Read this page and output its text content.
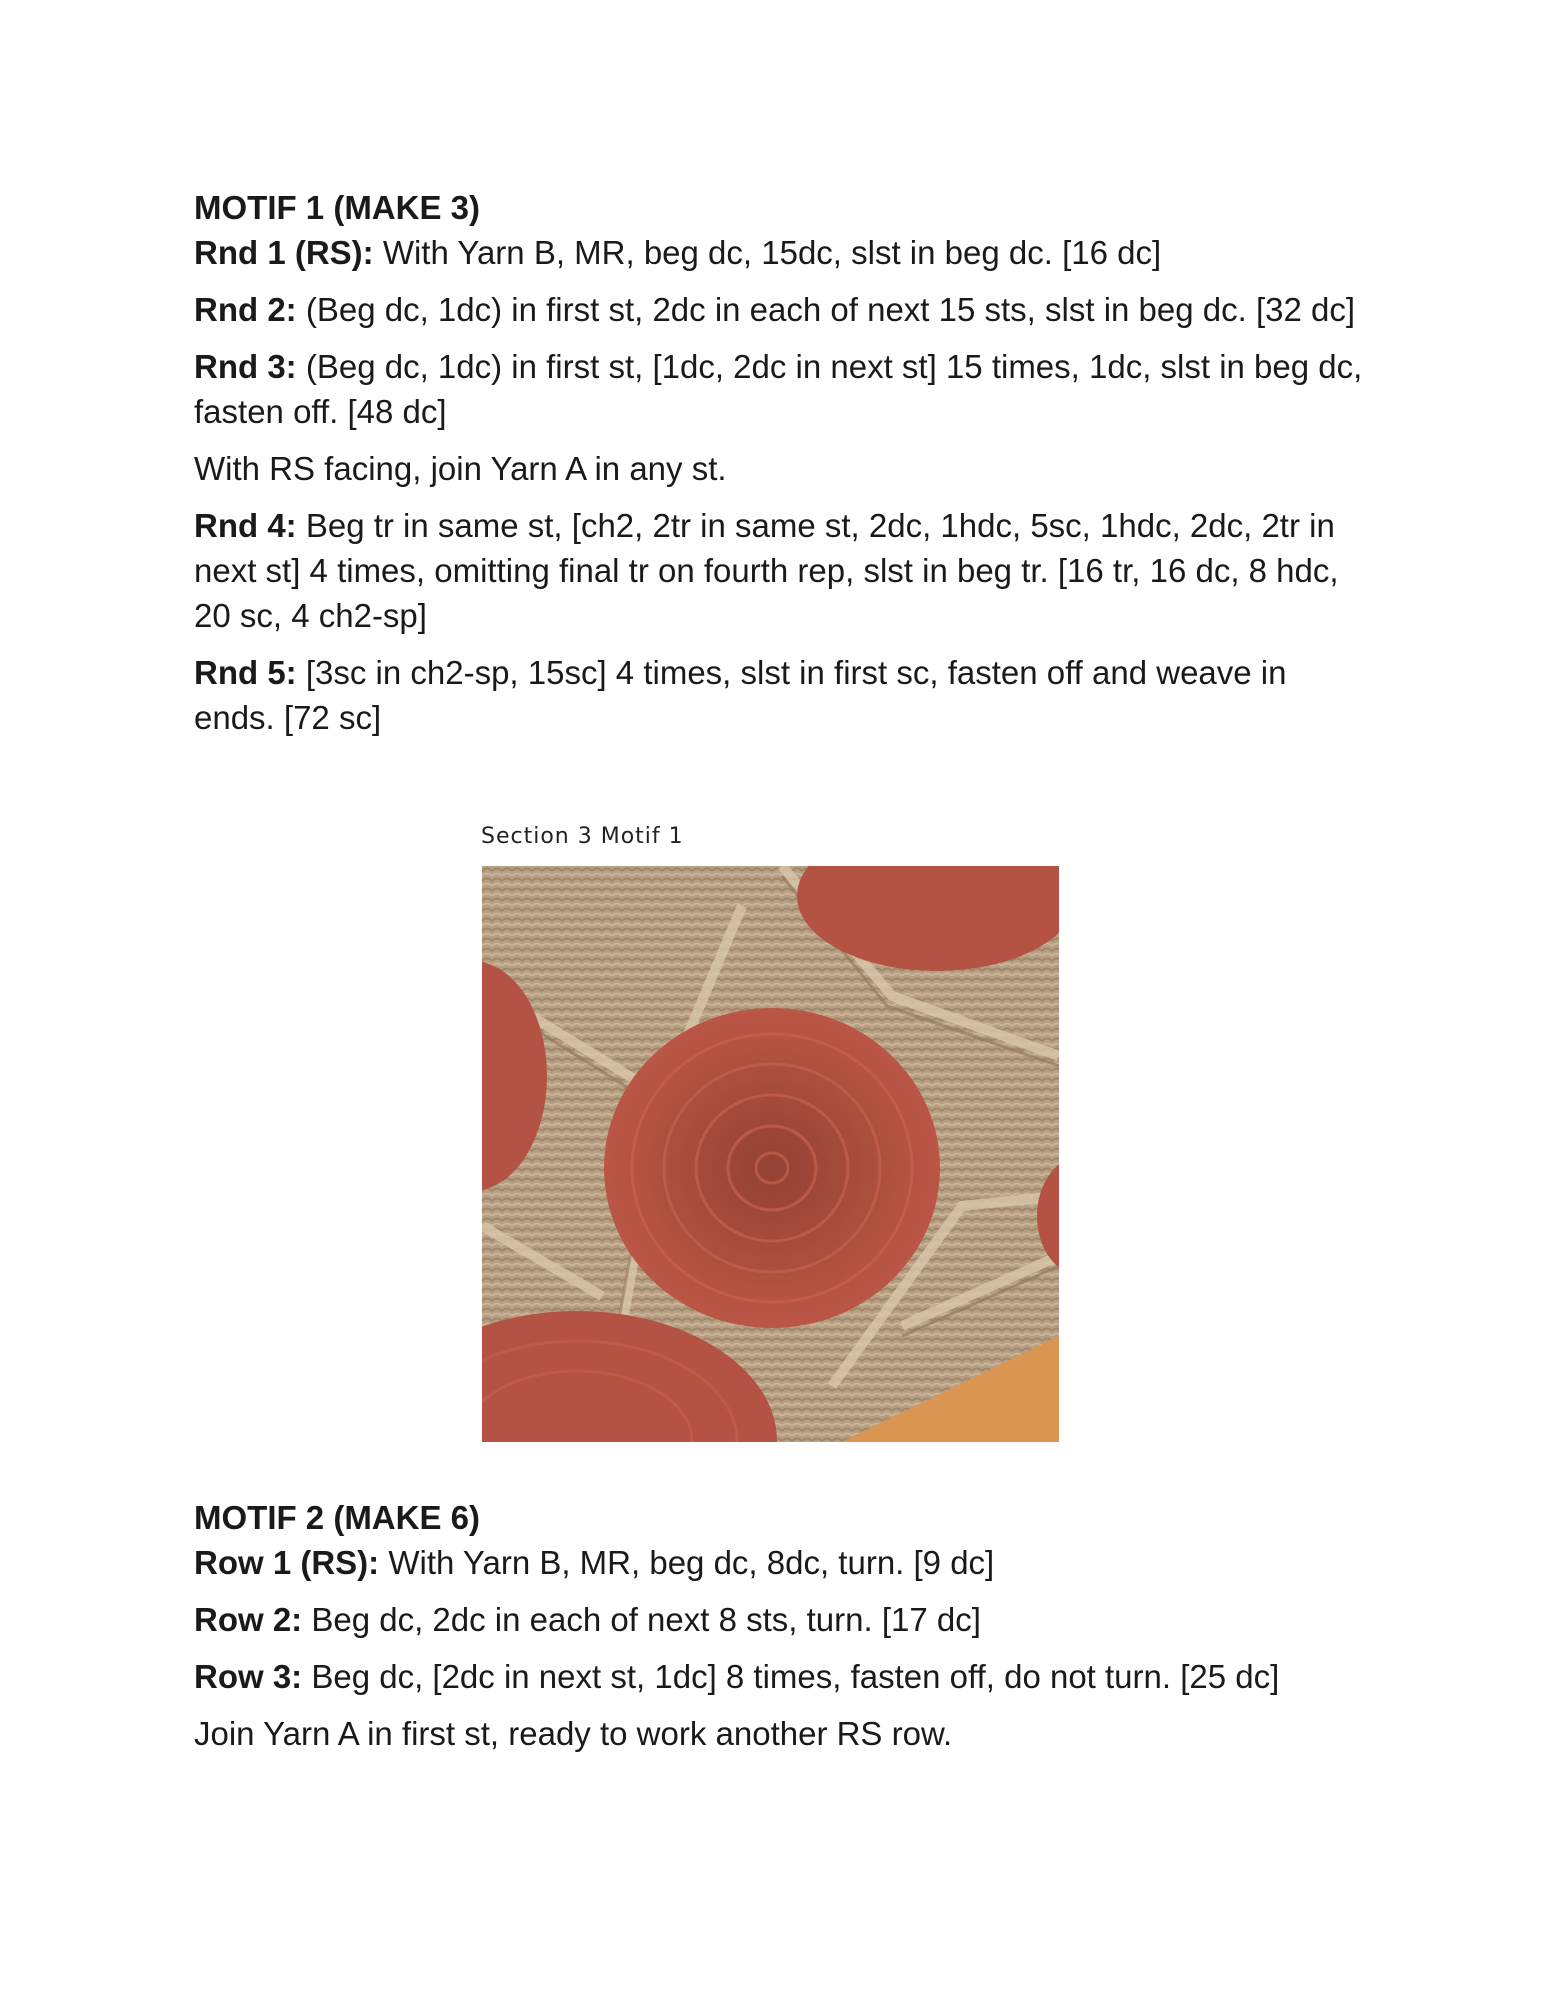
MOTIF 1 (MAKE 3)

Rnd 1 (RS): With Yarn B, MR, beg dc, 15dc, slst in beg dc. [16 dc]

Rnd 2: (Beg dc, 1dc) in first st, 2dc in each of next 15 sts, slst in beg dc. [32 dc]

Rnd 3: (Beg dc, 1dc) in first st, [1dc, 2dc in next st] 15 times, 1dc, slst in beg dc, fasten off. [48 dc]

With RS facing, join Yarn A in any st.

Rnd 4: Beg tr in same st, [ch2, 2tr in same st, 2dc, 1hdc, 5sc, 1hdc, 2dc, 2tr in next st] 4 times, omitting final tr on fourth rep, slst in beg tr. [16 tr, 16 dc, 8 hdc, 20 sc, 4 ch2-sp]

Rnd 5: [3sc in ch2-sp, 15sc] 4 times, slst in first sc, fasten off and weave in ends. [72 sc]

Section 3 Motif 1

MOTIF 2 (MAKE 6)

Row 1 (RS): With Yarn B, MR, beg dc, 8dc, turn. [9 dc]

Row 2: Beg dc, 2dc in each of next 8 sts, turn. [17 dc]

Row 3: Beg dc, [2dc in next st, 1dc] 8 times, fasten off, do not turn. [25 dc]

Join Yarn A in first st, ready to work another RS row.
